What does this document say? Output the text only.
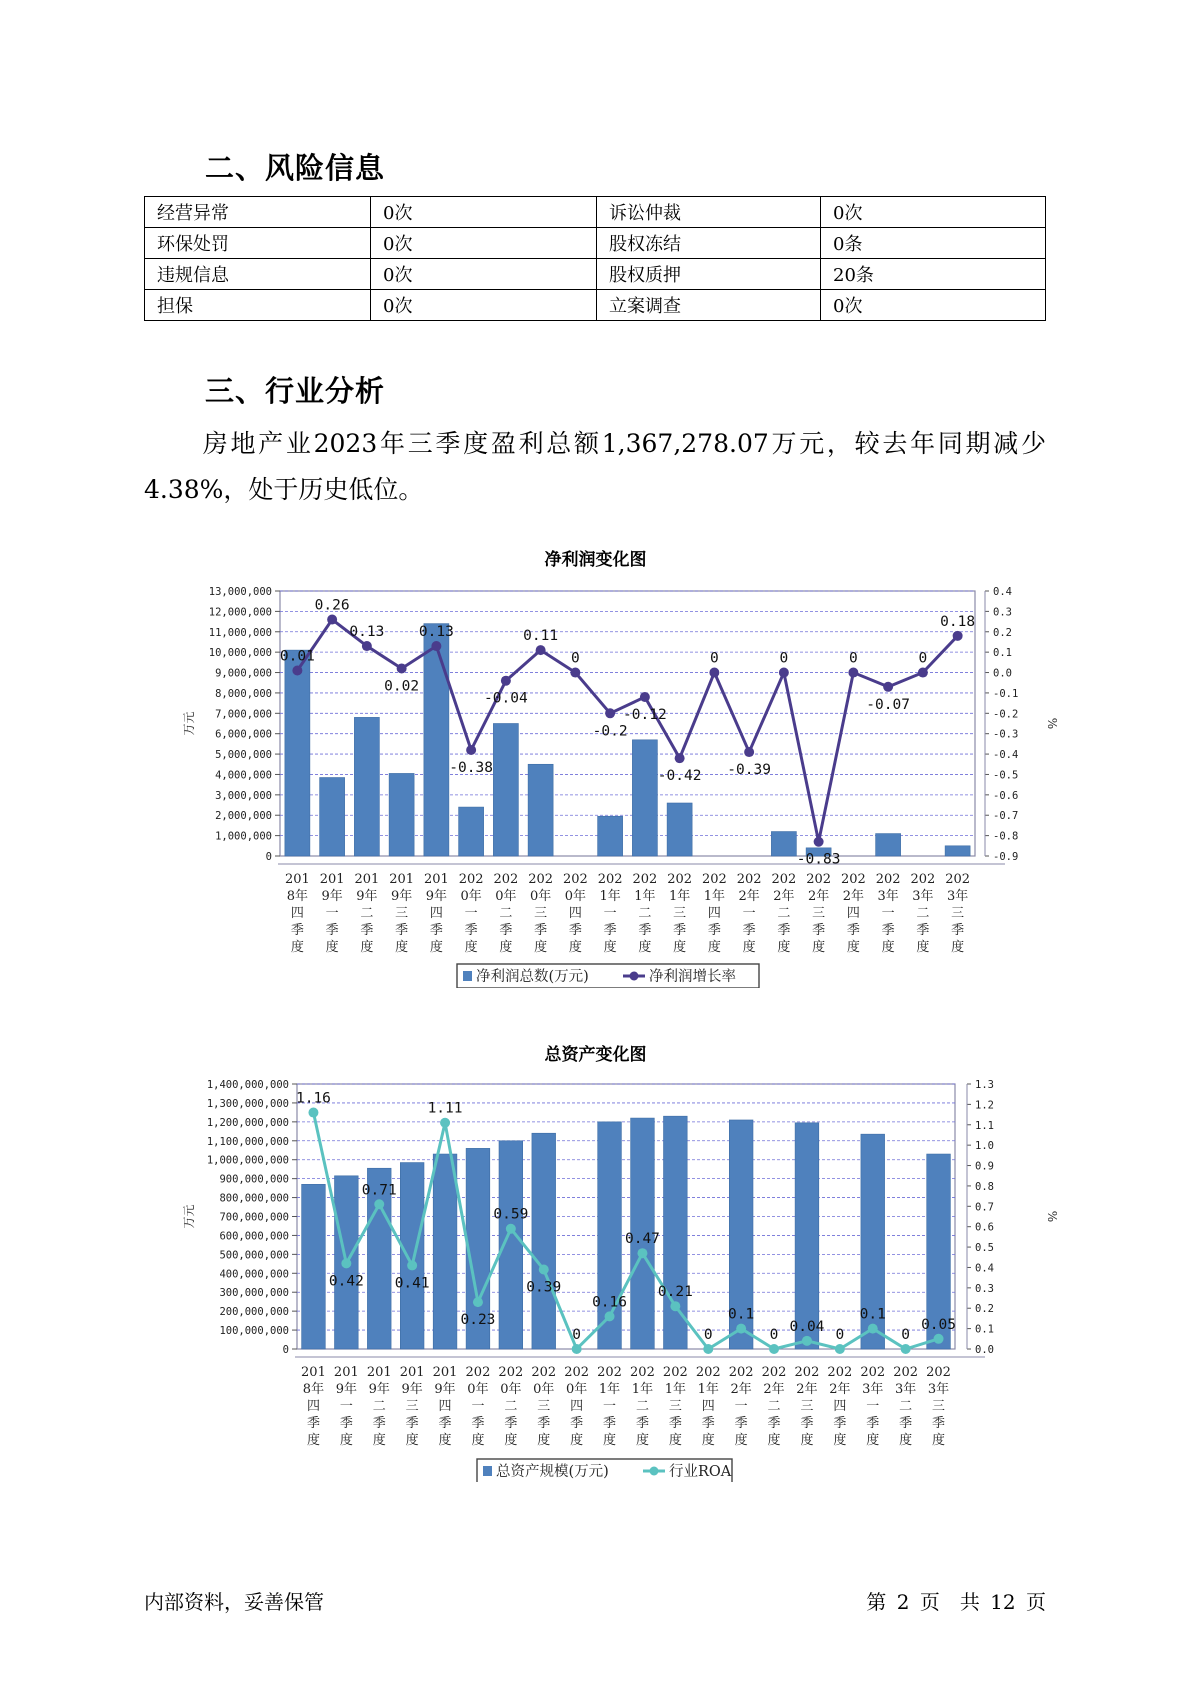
二、风险信息
经营异常	0次	诉讼仲裁	0次
环保处罚	0次	股权冻结	0条
违规信息	0次	股权质押	20条
担保	0次	立案调查	0次
三、行业分析
房地产业2023年三季度盈利总额1,367,278.07万元，较去年同期减少4.38%，处于历史低位。
净利润变化图
0
1,000,000
2,000,000
3,000,000
4,000,000
5,000,000
6,000,000
7,000,000
8,000,000
9,000,000
10,000,000
11,000,000
12,000,000
13,000,000
-0.9
-0.8
-0.7
-0.6
-0.5
-0.4
-0.3
-0.2
-0.1
0.0
0.1
0.2
0.3
0.4
万元	%
201 8年四季度
201 9年一季度
201 9年二季度
201 9年三季度
201 9年四季度
202 0年一季度
202 0年二季度
202 0年三季度
202 0年四季度
202 1年一季度
202 1年二季度
202 1年三季度
202 1年四季度
202 2年一季度
202 2年二季度
202 2年三季度
202 2年四季度
202 3年一季度
202 3年二季度
202 3年三季度
0.01
0.26
0.13
0.02
0.13
-0.38
-0.04
0.11
0
-0.2
-0.12
-0.42
0
-0.39
0
-0.83
0
-0.07
0
0.18
净利润总数(万元)	净利润增长率
总资产变化图
0
100,000,000
200,000,000
300,000,000
400,000,000
500,000,000
600,000,000
700,000,000
800,000,000
900,000,000
1,000,000,000
1,100,000,000
1,200,000,000
1,300,000,000
1,400,000,000
0.0
0.1
0.2
0.3
0.4
0.5
0.6
0.7
0.8
0.9
1.0
1.1
1.2
1.3
万元	%
201 8年四季度
201 9年一季度
201 9年二季度
201 9年三季度
201 9年四季度
202 0年一季度
202 0年二季度
202 0年三季度
202 0年四季度
202 1年一季度
202 1年二季度
202 1年三季度
202 1年四季度
202 2年一季度
202 2年二季度
202 2年三季度
202 2年四季度
202 3年一季度
202 3年二季度
202 3年三季度
1.16
0.42
0.71
0.41
1.11
0.23
0.59
0.39
0
0.16
0.47
0.21
0
0.1
0
0.04
0
0.1
0
0.05
总资产规模(万元)	行业ROA
内部资料，妥善保管	第 2 页　共 12 页
